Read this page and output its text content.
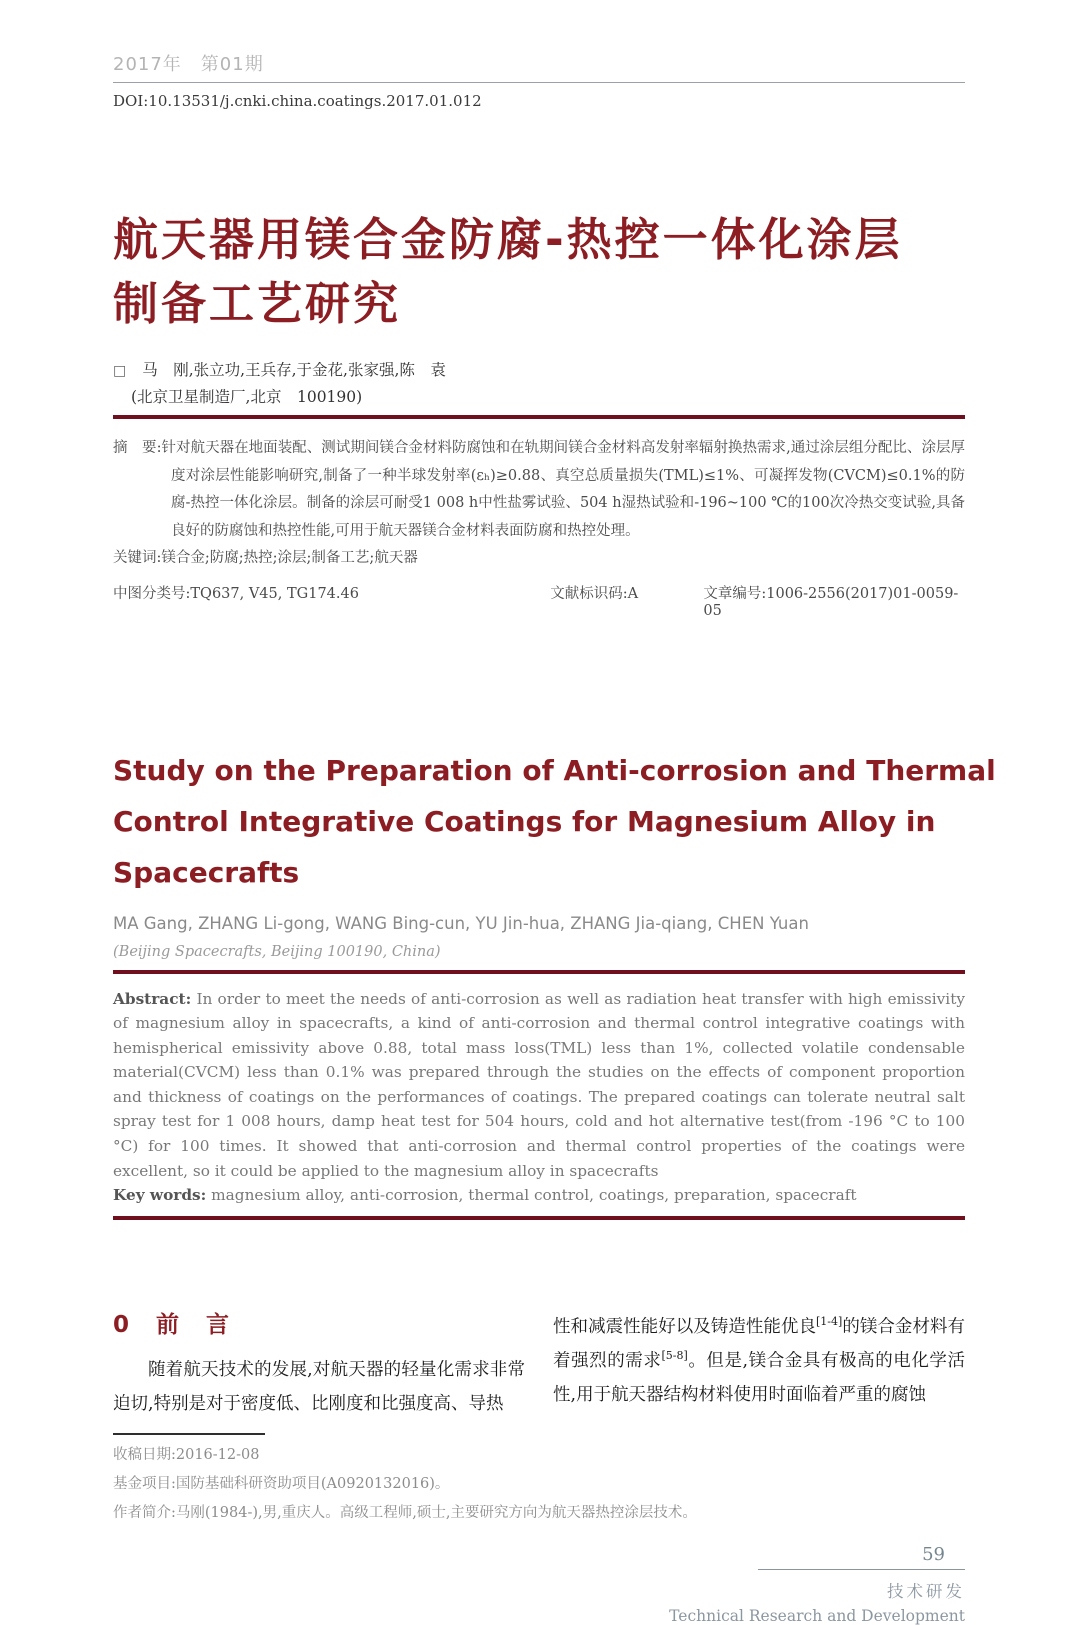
2017年　第01期
DOI:10.13531/j.cnki.china.coatings.2017.01.012
航天器用镁合金防腐-热控一体化涂层
制备工艺研究
□ 马　刚,张立功,王兵存,于金花,张家强,陈　袁
(北京卫星制造厂,北京　100190)

摘　要:针对航天器在地面装配、测试期间镁合金材料防腐蚀和在轨期间镁合金材料高发射率辐射换热需求,通过涂层组分配比、涂层厚度对涂层性能影响研究,制备了一种半球发射率(εₕ)≥0.88、真空总质量损失(TML)≤1%、可凝挥发物(CVCM)≤0.1%的防腐-热控一体化涂层。制备的涂层可耐受1 008 h中性盐雾试验、504 h湿热试验和-196~100 ℃的100次冷热交变试验,具备良好的防腐蚀和热控性能,可用于航天器镁合金材料表面防腐和热控处理。

关键词:镁合金;防腐;热控;涂层;制备工艺;航天器

中图分类号:TQ637, V45, TG174.46	文献标识码:A	文章编号:1006-2556(2017)01-0059-05
Study on the Preparation of Anti-corrosion and Thermal
Control Integrative Coatings for Magnesium Alloy in
Spacecrafts
MA Gang, ZHANG Li-gong, WANG Bing-cun, YU Jin-hua, ZHANG Jia-qiang, CHEN Yuan
(Beijing Spacecrafts, Beijing 100190, China)

Abstract: In order to meet the needs of anti-corrosion as well as radiation heat transfer with high emissivity of magnesium alloy in spacecrafts, a kind of anti-corrosion and thermal control integrative coatings with hemispherical emissivity above 0.88, total mass loss(TML) less than 1%, collected volatile condensable material(CVCM) less than 0.1% was prepared through the studies on the effects of component proportion and thickness of coatings on the performances of coatings. The prepared coatings can tolerate neutral salt spray test for 1 008 hours, damp heat test for 504 hours, cold and hot alternative test(from -196 °C to 100 °C) for 100 times. It showed that anti-corrosion and thermal control properties of the coatings were excellent, so it could be applied to the magnesium alloy in spacecrafts

Key words: magnesium alloy, anti-corrosion, thermal control, coatings, preparation, spacecraft

0　前　言

随着航天技术的发展,对航天器的轻量化需求非常迫切,特别是对于密度低、比刚度和比强度高、导热

收稿日期:2016-12-08
基金项目:国防基础科研资助项目(A0920132016)。

性和减震性能好以及铸造性能优良[1-4]的镁合金材料有着强烈的需求[5-8]。但是,镁合金具有极高的电化学活性,用于航天器结构材料使用时面临着严重的腐蚀

作者简介:马刚(1984-),男,重庆人。高级工程师,硕士,主要研究方向为航天器热控涂层技术。
59
技术研发
Technical Research and Development
